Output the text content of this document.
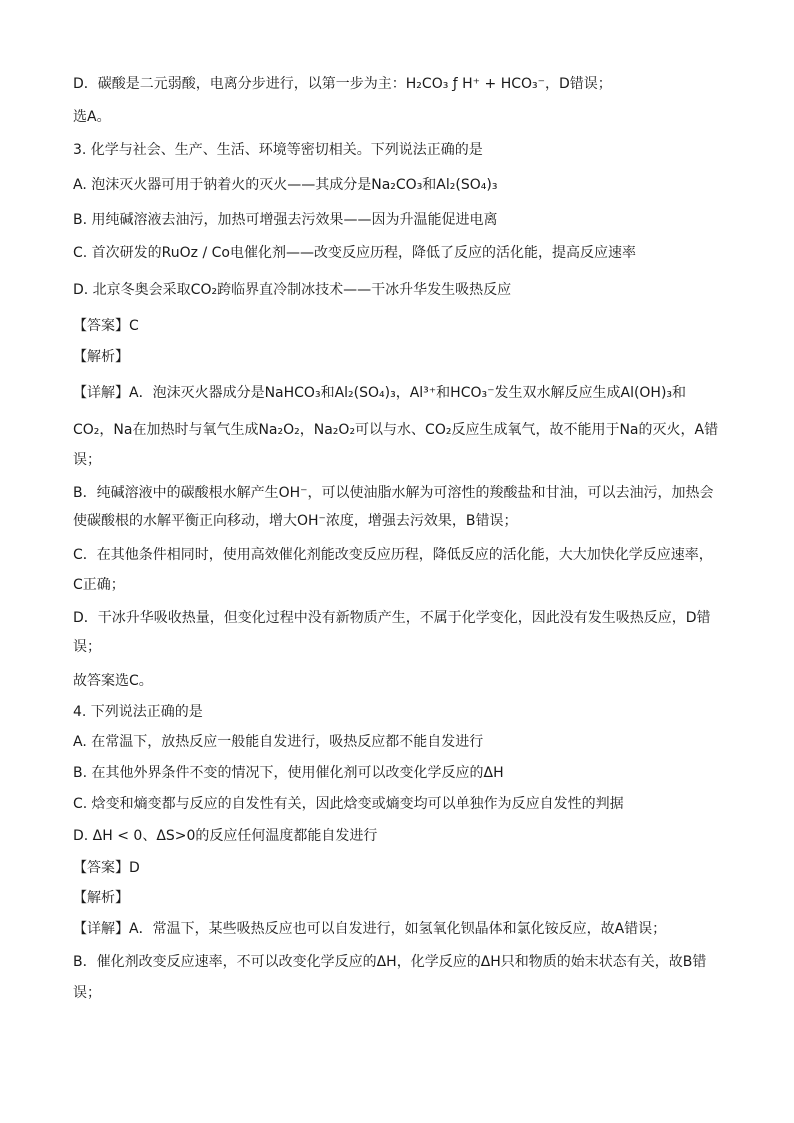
D．碳酸是二元弱酸，电离分步进行，以第一步为主：H₂CO₃ ƒ H⁺ + HCO₃⁻，D错误；
选A。
3. 化学与社会、生产、生活、环境等密切相关。下列说法正确的是
A. 泡沫灭火器可用于钠着火的灭火——其成分是Na₂CO₃和Al₂(SO₄)₃
B. 用纯碱溶液去油污，加热可增强去污效果——因为升温能促进电离
C. 首次研发的RuOz / Co电催化剂——改变反应历程，降低了反应的活化能，提高反应速率
D. 北京冬奥会采取CO₂跨临界直冷制冰技术——干冰升华发生吸热反应
【答案】C
【解析】
【详解】A．泡沫灭火器成分是NaHCO₃和Al₂(SO₄)₃，Al³⁺和HCO₃⁻发生双水解反应生成Al(OH)₃和
CO₂，Na在加热时与氧气生成Na₂O₂，Na₂O₂可以与水、CO₂反应生成氧气，故不能用于Na的灭火，A错
误；
B．纯碱溶液中的碳酸根水解产生OH⁻，可以使油脂水解为可溶性的羧酸盐和甘油，可以去油污，加热会
使碳酸根的水解平衡正向移动，增大OH⁻浓度，增强去污效果，B错误；
C．在其他条件相同时，使用高效催化剂能改变反应历程，降低反应的活化能，大大加快化学反应速率，
C正确；
D．干冰升华吸收热量，但变化过程中没有新物质产生，不属于化学变化，因此没有发生吸热反应，D错
误；
故答案选C。
4. 下列说法正确的是
A. 在常温下，放热反应一般能自发进行，吸热反应都不能自发进行
B. 在其他外界条件不变的情况下，使用催化剂可以改变化学反应的ΔH
C. 焓变和熵变都与反应的自发性有关，因此焓变或熵变均可以单独作为反应自发性的判据
D. ΔH < 0、ΔS>0的反应任何温度都能自发进行
【答案】D
【解析】
【详解】A．常温下，某些吸热反应也可以自发进行，如氢氧化钡晶体和氯化铵反应，故A错误；
B．催化剂改变反应速率，不可以改变化学反应的ΔH，化学反应的ΔH只和物质的始末状态有关，故B错
误；
